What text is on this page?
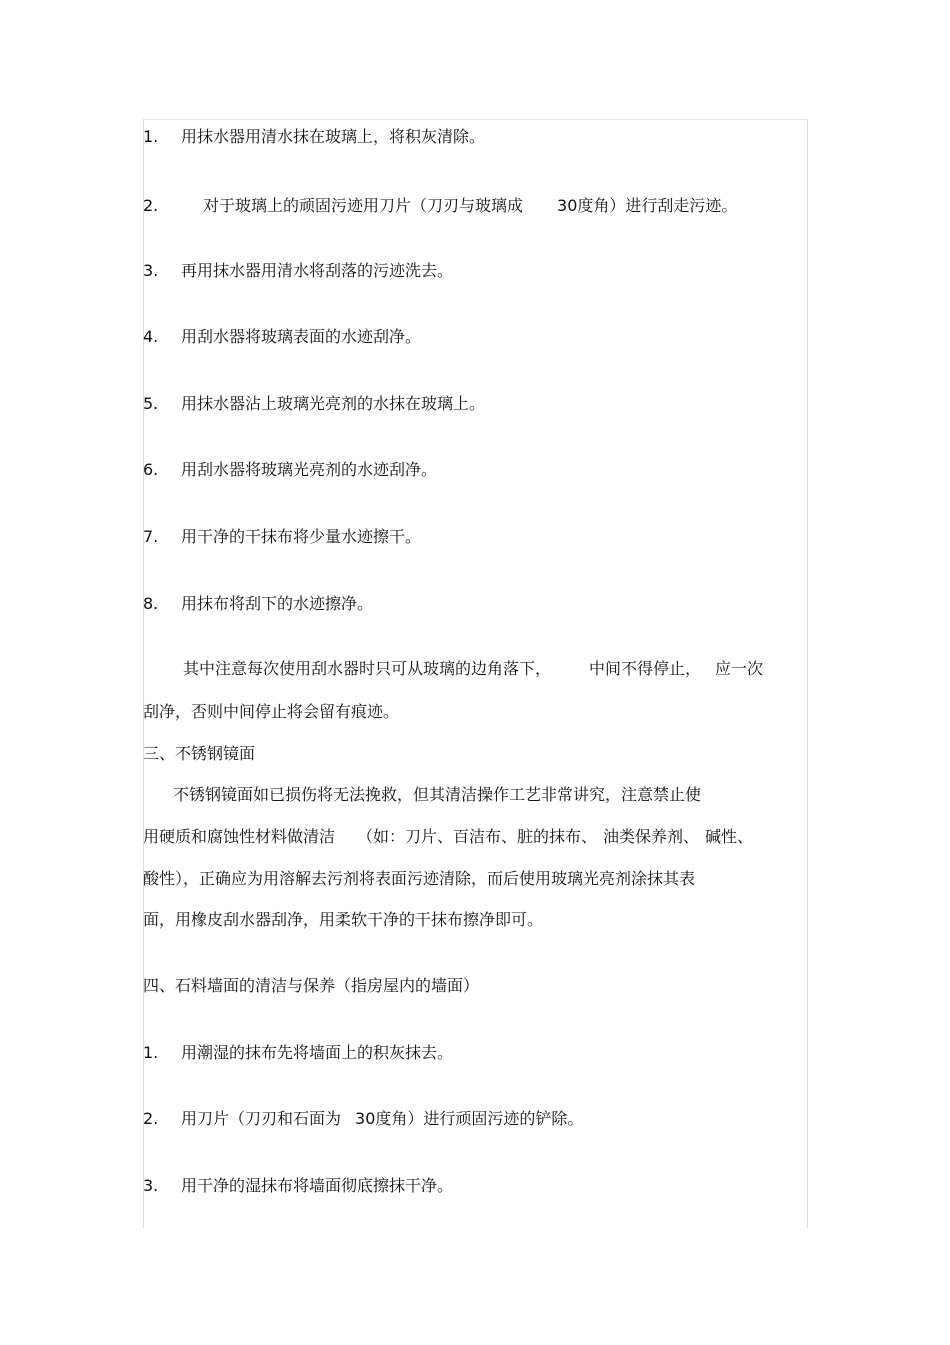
1. 用抹水器用清水抹在玻璃上，将积灰清除。

2.	对于玻璃上的顽固污迹用刀片（刀刃与玻璃成 30度角）进行刮走污迹。

3. 再用抹水器用清水将刮落的污迹洗去。

4. 用刮水器将玻璃表面的水迹刮净。

5. 用抹水器沾上玻璃光亮剂的水抹在玻璃上。

6. 用刮水器将玻璃光亮剂的水迹刮净。

7. 用干净的干抹布将少量水迹擦干。

8. 用抹布将刮下的水迹擦净。

其中注意每次使用刮水器时只可从玻璃的边角落下， 中间不得停止， 应一次

刮净，否则中间停止将会留有痕迹。

三、不锈钢镜面

不锈钢镜面如已损伤将无法挽救，但其清洁操作工艺非常讲究，注意禁止使

用硬质和腐蚀性材料做清洁 （如：刀片、百洁布、脏的抹布、 油类保养剂、 碱性、

酸性），正确应为用溶解去污剂将表面污迹清除，而后使用玻璃光亮剂涂抹其表

面，用橡皮刮水器刮净，用柔软干净的干抹布擦净即可。

四、石料墙面的清洁与保养（指房屋内的墙面）

1. 用潮湿的抹布先将墙面上的积灰抹去。

2. 用刀片（刀刃和石面为 30度角）进行顽固污迹的铲除。

3. 用干净的湿抹布将墙面彻底擦抹干净。
